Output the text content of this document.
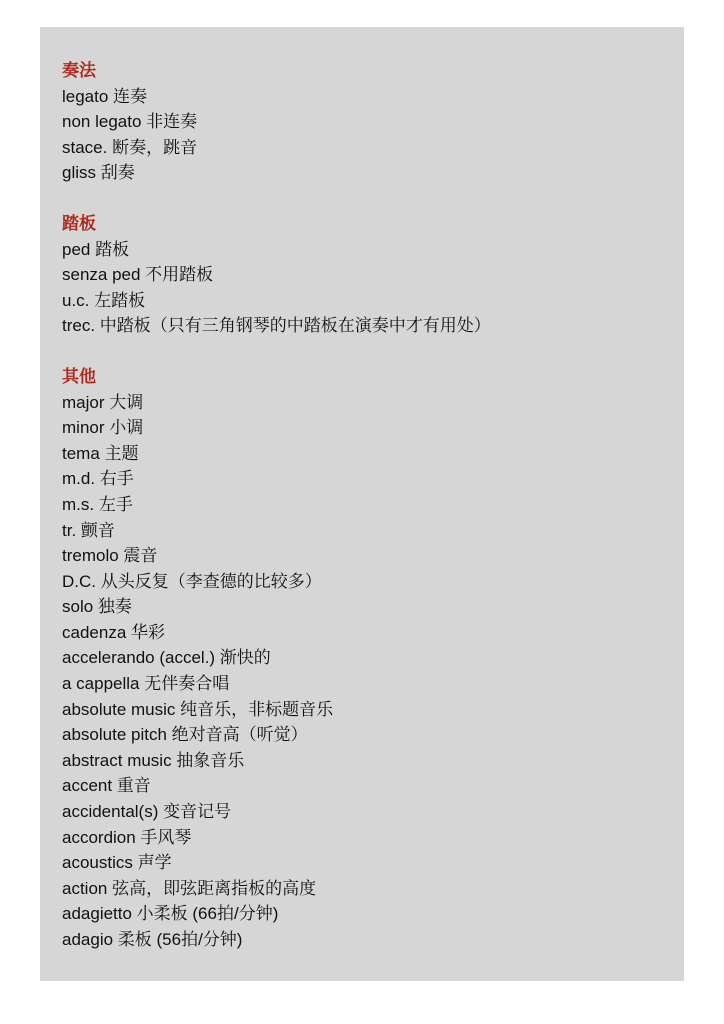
奏法
legato 连奏
non legato 非连奏
stace. 断奏，跳音
gliss 刮奏
踏板
ped 踏板
senza ped 不用踏板
u.c. 左踏板
trec. 中踏板（只有三角钢琴的中踏板在演奏中才有用处）
其他
major 大调
minor 小调
tema 主题
m.d. 右手
m.s. 左手
tr. 颤音
tremolo 震音
D.C. 从头反复（李查德的比较多）
solo 独奏
cadenza 华彩
accelerando (accel.) 渐快的
a cappella 无伴奏合唱
absolute music 纯音乐，非标题音乐
absolute pitch 绝对音高（听觉）
abstract music 抽象音乐
accent 重音
accidental(s) 变音记号
accordion 手风琴
acoustics 声学
action 弦高，即弦距离指板的高度
adagietto 小柔板 (66拍/分钟)
adagio 柔板 (56拍/分钟)
